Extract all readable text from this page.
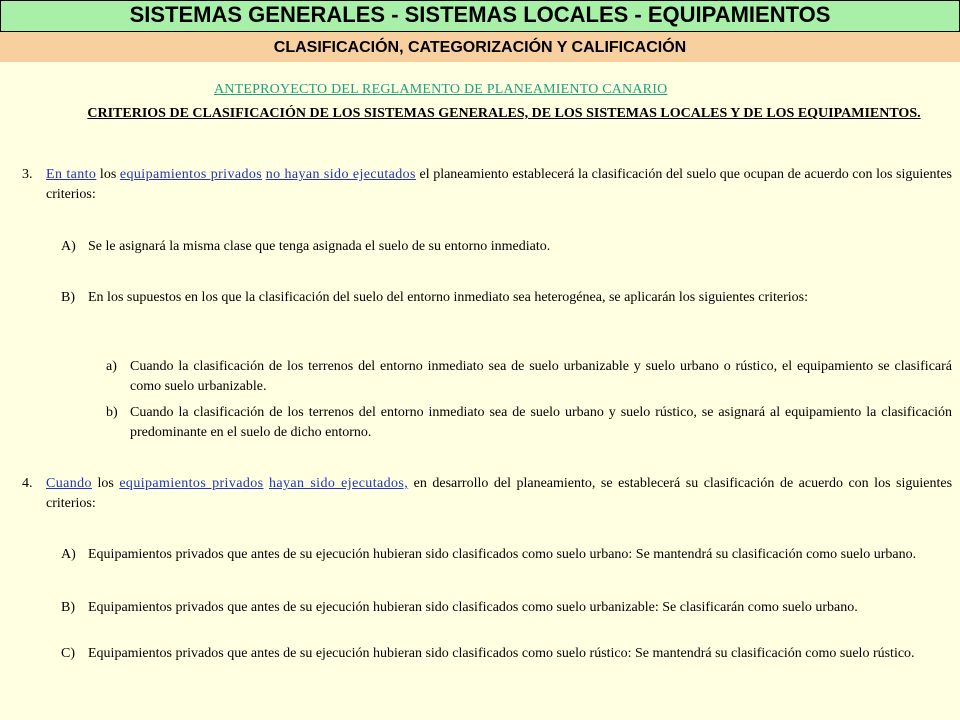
SISTEMAS GENERALES - SISTEMAS LOCALES - EQUIPAMIENTOS
CLASIFICACIÓN, CATEGORIZACIÓN Y CALIFICACIÓN
ANTEPROYECTO DEL REGLAMENTO DE PLANEAMIENTO CANARIO
CRITERIOS DE CLASIFICACIÓN DE LOS SISTEMAS GENERALES, DE LOS SISTEMAS LOCALES Y DE LOS EQUIPAMIENTOS.
3. En tanto los equipamientos privados no hayan sido ejecutados el planeamiento establecerá la clasificación del suelo que ocupan de acuerdo con los siguientes criterios:
A) Se le asignará la misma clase que tenga asignada el suelo de su entorno inmediato.
B) En los supuestos en los que la clasificación del suelo del entorno inmediato sea heterogénea, se aplicarán los siguientes criterios:
a) Cuando la clasificación de los terrenos del entorno inmediato sea de suelo urbanizable y suelo urbano o rústico, el equipamiento se clasificará como suelo urbanizable.
b) Cuando la clasificación de los terrenos del entorno inmediato sea de suelo urbano y suelo rústico, se asignará al equipamiento la clasificación predominante en el suelo de dicho entorno.
4. Cuando los equipamientos privados hayan sido ejecutados, en desarrollo del planeamiento, se establecerá su clasificación de acuerdo con los siguientes criterios:
A) Equipamientos privados que antes de su ejecución hubieran sido clasificados como suelo urbano: Se mantendrá su clasificación como suelo urbano.
B) Equipamientos privados que antes de su ejecución hubieran sido clasificados como suelo urbanizable: Se clasificarán como suelo urbano.
C) Equipamientos privados que antes de su ejecución hubieran sido clasificados como suelo rústico: Se mantendrá su clasificación como suelo rústico.
